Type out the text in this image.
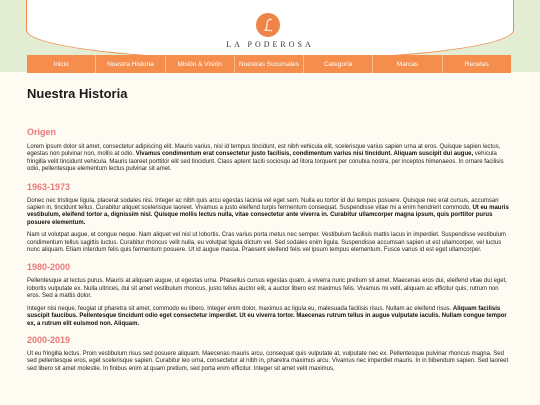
LA PODEROSA
Inicio	Nuestra Historia	Misión & Visión	Nuestras Sucursales	Categoría	Marcas	Recetas
Nuestra Historia
Origen

Lorem ipsum dolor sit amet, consectetur adipiscing elit. Mauris varius, nisl id tempus tincidunt, est nibh vehicula elit, scelerisque varius sapien urna at eros. Quisque sapien lectus, egestas non pulvinar non, mollis at odio. Vivamus condimentum erat consectetur justo facilisis, condimentum varius nisi tincidunt. Aliquam suscipit dui augue, vehicula fringilla velit tincidunt vehicula. Mauris laoreet porttitor elit sed tincidunt. Class aptent taciti sociosqu ad litora torquent per conubia nostra, per inceptos himenaeos. In ornare facilisis odio, pellentesque elementum lectus pulvinar sit amet.

1963-1973

Donec nec tristique ligula, placerat sodales nisi. Integer ac nibh quis arcu egestas lacinia vel eget sem. Nulla eu tortor id dui tempus posuere. Quisque nec erat cursus, accumsan sapien in, tincidunt tellus. Curabitur aliquet scelerisque laoreet. Vivamus a justo eleifend turpis fermentum consequat. Suspendisse vitae mi a enim hendrerit commodo. Ut eu mauris vestibulum, eleifend tortor a, dignissim nisl. Quisque mollis lectus nulla, vitae consectetur ante viverra in. Curabitur ullamcorper magna ipsum, quis porttitor purus posuere elementum.

Nam ut volutpat augue, et congue neque. Nam aliquet vel nisl ut lobortis. Cras varius porta metus nec semper. Vestibulum facilisis mattis lacus in imperdiet. Suspendisse vestibulum condimentum tellus sagittis luctus. Curabitur rhoncus velit nulla, eu volutpat ligula dictum vel. Sed sodales enim ligula. Suspendisse accumsan sapien ut est ullamcorper, vel luctus nunc aliquam. Etiam interdum felis quis fermentum posuere. Ut id augue massa. Praesent eleifend felis vel ipsum tempus elementum. Fusce varius id est eget ullamcorper.

1980-2000

Pellentesque at lectus purus. Mauris at aliquam augue, ut egestas urna. Phasellus cursus egestas quam, a viverra nunc pretium sit amet. Maecenas eros dui, eleifend vitae dui eget, lobortis vulputate ex. Nulla ultrices, dui sit amet vestibulum rhoncus, justo tellus auctor elit, a auctor libero est maximus felis. Vivamus mi velit, aliquam ac efficitur quis, rutrum non eros. Sed a mattis dolor.

Integer nisi neque, feugiat ut pharetra sit amet, commodo eu libero. Integer enim dolor, maximus ac ligula eu, malesuada facilisis risus. Nullam ac eleifend risus. Aliquam facilisis suscipit faucibus. Pellentesque tincidunt odio eget consectetur imperdiet. Ut eu viverra tortor. Maecenas rutrum tellus in augue vulputate iaculis. Nullam congue tempor ex, a rutrum elit euismod non. Aliquam.

2000-2019

Ut eu fringilla lectus. Proin vestibulum risus sed posuere aliquam. Maecenas mauris arcu, consequat quis vulputate at, vulputate nec ex. Pellentesque pulvinar rhoncus magna. Sed sed pellentesque eros, eget scelerisque sapien. Curabitur leo urna, consectetur at nibh in, pharetra maximus arcu. Vivamus nec imperdiet mauris. In in bibendum sapien. Sed laoreet sed libero sit amet molestie. In finibus enim at quam pretium, sed porta enim efficitur. Integer sit amet velit maximus,
